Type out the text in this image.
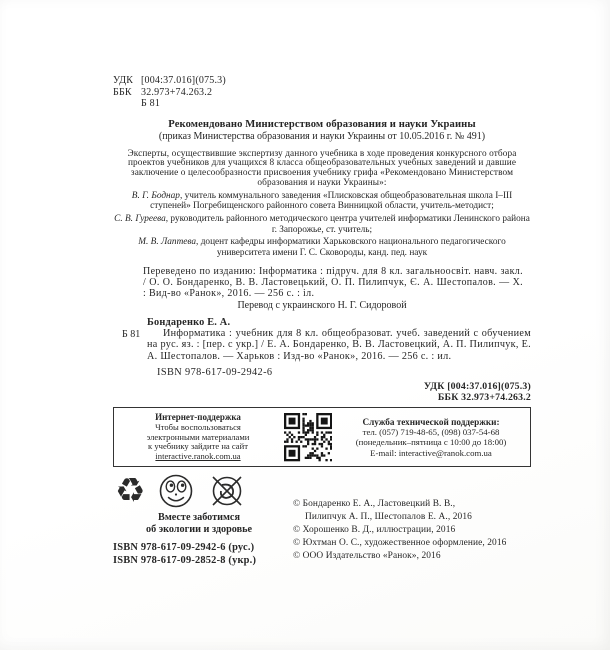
УДК [004:37.016](075.3)
ББК 32.973+74.263.2
Б 81
Рекомендовано Министерством образования и науки Украины
(приказ Министерства образования и науки Украины от 10.05.2016 г. № 491)
Эксперты, осуществившие экспертизу данного учебника в ходе проведения конкурсного отбора проектов учебников для учащихся 8 класса общеобразовательных учебных заведений и давшие заключение о целесообразности присвоения учебнику грифа «Рекомендовано Министерством образования и науки Украины»:
В. Г. Боднар, учитель коммунального заведения «Плисковская общеобразовательная школа I–III ступеней» Погребищенского районного совета Винницкой области, учитель-методист;
С. В. Гуреева, руководитель районного методического центра учителей информатики Ленинского района г. Запорожье, ст. учитель;
М. В. Лаптева, доцент кафедры информатики Харьковского национального педагогического университета имени Г. С. Сковороды, канд. пед. наук
Переведено по изданию: Інформатика : підруч. для 8 кл. загальноосвіт. навч. закл. / О. О. Бондаренко, В. В. Ластовецький, О. П. Пилипчук, Є. А. Шестопалов. — Х. : Вид-во «Ранок», 2016. — 256 с. : іл.
Перевод с украинского Н. Г. Сидоровой
Бондаренко Е. А.
Б 81	Информатика : учебник для 8 кл. общеобразоват. учеб. заведений с обучением на рус. яз. : [пер. с укр.] / Е. А. Бондаренко, В. В. Ластовецкий, А. П. Пилипчук, Е. А. Шестопалов. — Харьков : Изд-во «Ранок», 2016. — 256 с. : ил.
ISBN 978-617-09-2942-6
УДК [004:37.016](075.3)
ББК 32.973+74.263.2
Интернет-поддержка
Чтобы воспользоваться
электронными материалами
к учебнику зайдите на сайт
interactive.ranok.com.ua
Служба технической поддержки:
тел. (057) 719-48-65, (098) 037-54-68
(понедельник–пятница с 10:00 до 18:00)
E-mail: interactive@ranok.com.ua
♻
Вместе заботимся
об экологии и здоровье
ISBN 978-617-09-2942-6 (рус.)
ISBN 978-617-09-2852-8 (укр.)
© Бондаренко Е. А., Ластовецкий В. В.,
Пилипчук А. П., Шестопалов Е. А., 2016
© Хорошенко В. Д., иллюстрации, 2016
© Юхтман О. С., художественное оформление, 2016
© ООО Издательство «Ранок», 2016
